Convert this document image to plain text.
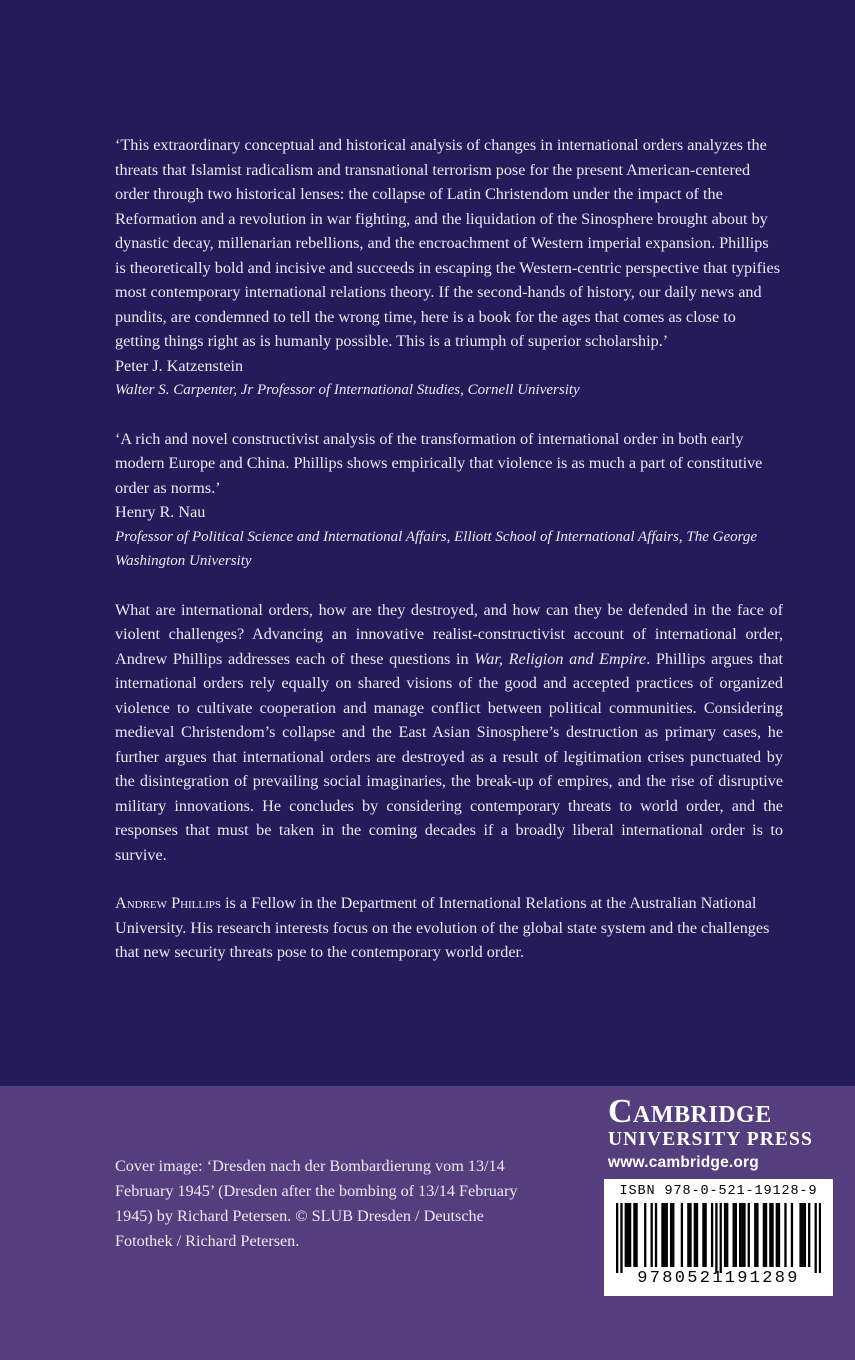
‘This extraordinary conceptual and historical analysis of changes in international orders analyzes the threats that Islamist radicalism and transnational terrorism pose for the present American-centered order through two historical lenses: the collapse of Latin Christendom under the impact of the Reformation and a revolution in war fighting, and the liquidation of the Sinosphere brought about by dynastic decay, millenarian rebellions, and the encroachment of Western imperial expansion. Phillips is theoretically bold and incisive and succeeds in escaping the Western-centric perspective that typifies most contemporary international relations theory. If the second-hands of history, our daily news and pundits, are condemned to tell the wrong time, here is a book for the ages that comes as close to getting things right as is humanly possible. This is a triumph of superior scholarship.’

Peter J. Katzenstein

Walter S. Carpenter, Jr Professor of International Studies, Cornell University

‘A rich and novel constructivist analysis of the transformation of international order in both early modern Europe and China. Phillips shows empirically that violence is as much a part of constitutive order as norms.’

Henry R. Nau

Professor of Political Science and International Affairs, Elliott School of International Affairs, The George Washington University

What are international orders, how are they destroyed, and how can they be defended in the face of violent challenges? Advancing an innovative realist-constructivist account of international order, Andrew Phillips addresses each of these questions in War, Religion and Empire. Phillips argues that international orders rely equally on shared visions of the good and accepted practices of organized violence to cultivate cooperation and manage conflict between political communities. Considering medieval Christendom’s collapse and the East Asian Sinosphere’s destruction as primary cases, he further argues that international orders are destroyed as a result of legitimation crises punctuated by the disintegration of prevailing social imaginaries, the break-up of empires, and the rise of disruptive military innovations. He concludes by considering contemporary threats to world order, and the responses that must be taken in the coming decades if a broadly liberal international order is to survive.

Andrew Phillips is a Fellow in the Department of International Relations at the Australian National University. His research interests focus on the evolution of the global state system and the challenges that new security threats pose to the contemporary world order.

Cover image: ‘Dresden nach der Bombardierung vom 13/14 February 1945’ (Dresden after the bombing of 13/14 February 1945) by Richard Petersen. © SLUB Dresden / Deutsche Fotothek / Richard Petersen.

Cambridge
UNIVERSITY PRESS
www.cambridge.org
ISBN 978-0-521-19128-9
9780521191289
